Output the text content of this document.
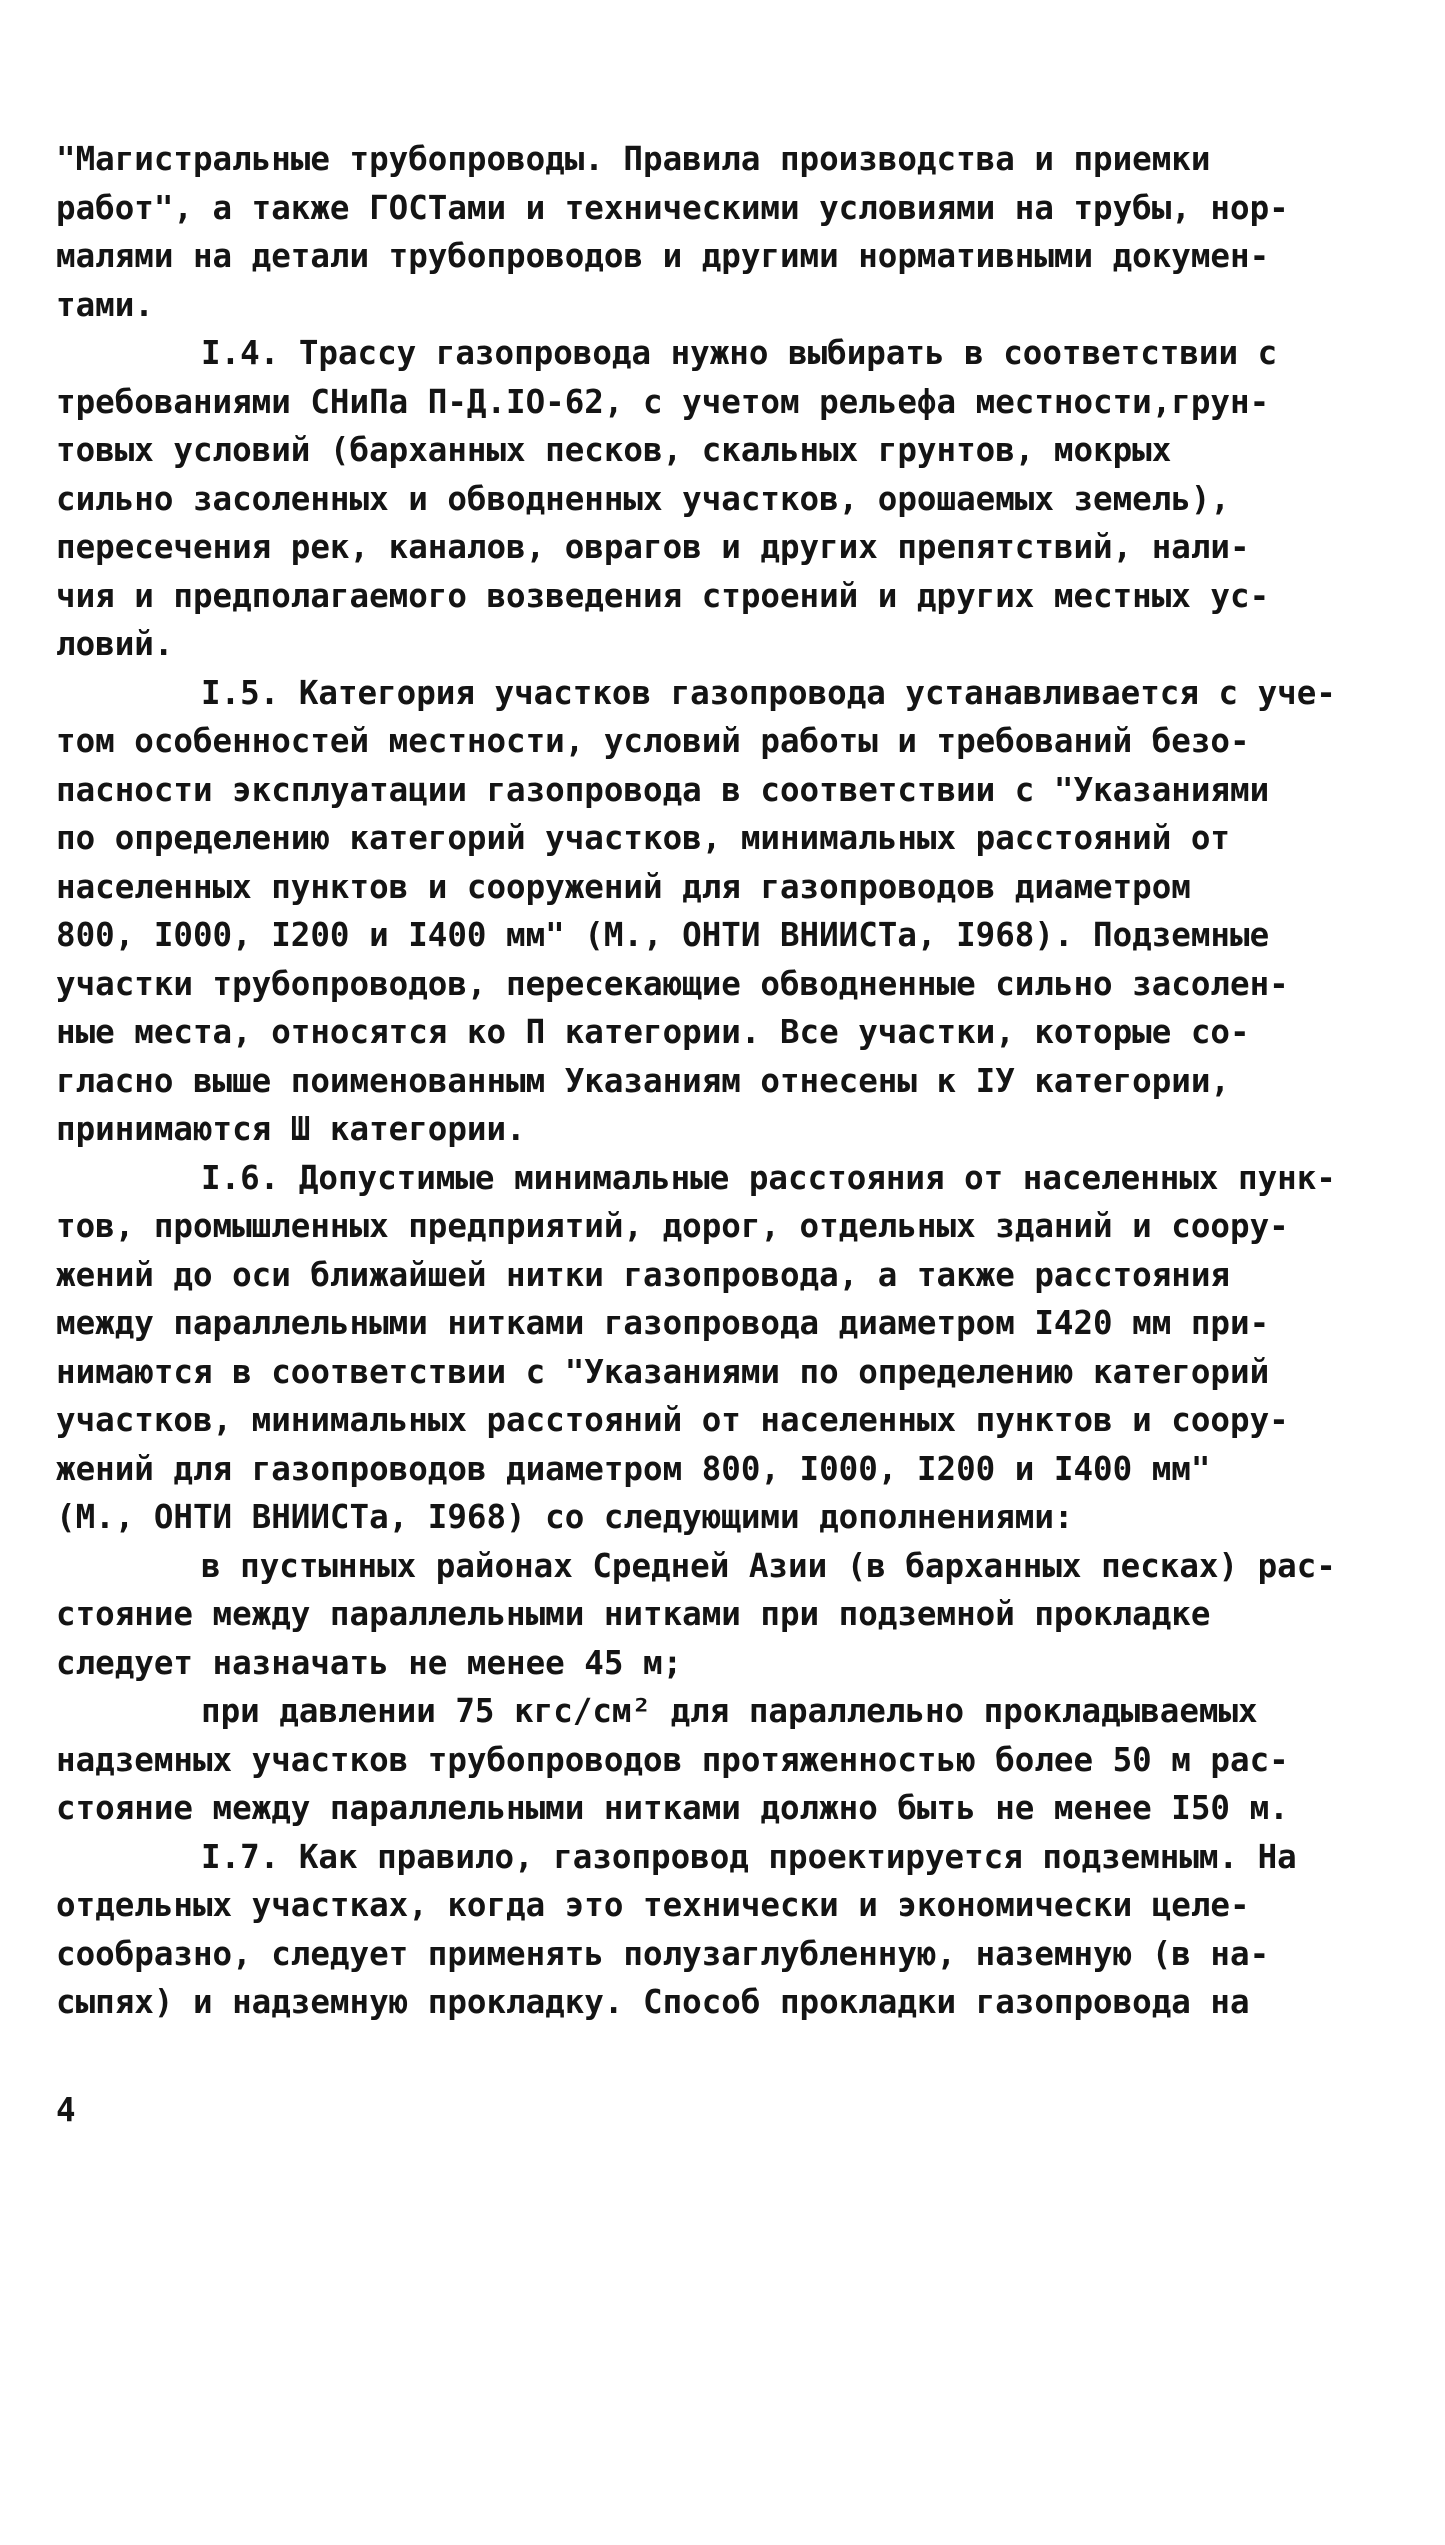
"Магистральные трубопроводы. Правила производства и приемки
работ", а также ГОСТами и техническими условиями на трубы, нор-
малями на детали трубопроводов и другими нормативными докумен-
тами.
I.4. Трассу газопровода нужно выбирать в соответствии с
требованиями СНиПа П-Д.IO-62, с учетом рельефа местности,грун-
товых условий (барханных песков, скальных грунтов, мокрых
сильно засоленных и обводненных участков, орошаемых земель),
пересечения рек, каналов, оврагов и других препятствий, нали-
чия и предполагаемого возведения строений и других местных ус-
ловий.
I.5. Категория участков газопровода устанавливается с уче-
том особенностей местности, условий работы и требований безо-
пасности эксплуатации газопровода в соответствии с "Указаниями
по определению категорий участков, минимальных расстояний от
населенных пунктов и сооружений для газопроводов диаметром
800, I000, I200 и I400 мм" (М., ОНТИ ВНИИСТа, I968). Подземные
участки трубопроводов, пересекающие обводненные сильно засолен-
ные места, относятся ко П категории. Все участки, которые со-
гласно выше поименованным Указаниям отнесены к IУ категории,
принимаются Ш категории.
I.6. Допустимые минимальные расстояния от населенных пунк-
тов, промышленных предприятий, дорог, отдельных зданий и соору-
жений до оси ближайшей нитки газопровода, а также расстояния
между параллельными нитками газопровода диаметром I420 мм при-
нимаются в соответствии с "Указаниями по определению категорий
участков, минимальных расстояний от населенных пунктов и соору-
жений для газопроводов диаметром 800, I000, I200 и I400 мм"
(М., ОНТИ ВНИИСТа, I968) со следующими дополнениями:
в пустынных районах Средней Азии (в барханных песках) рас-
стояние между параллельными нитками при подземной прокладке
следует назначать не менее 45 м;
при давлении 75 кгс/см² для параллельно прокладываемых
надземных участков трубопроводов протяженностью более 50 м рас-
стояние между параллельными нитками должно быть не менее I50 м.
I.7. Как правило, газопровод проектируется подземным. На
отдельных участках, когда это технически и экономически целе-
сообразно, следует применять полузаглубленную, наземную (в на-
сыпях) и надземную прокладку. Способ прокладки газопровода на
4
